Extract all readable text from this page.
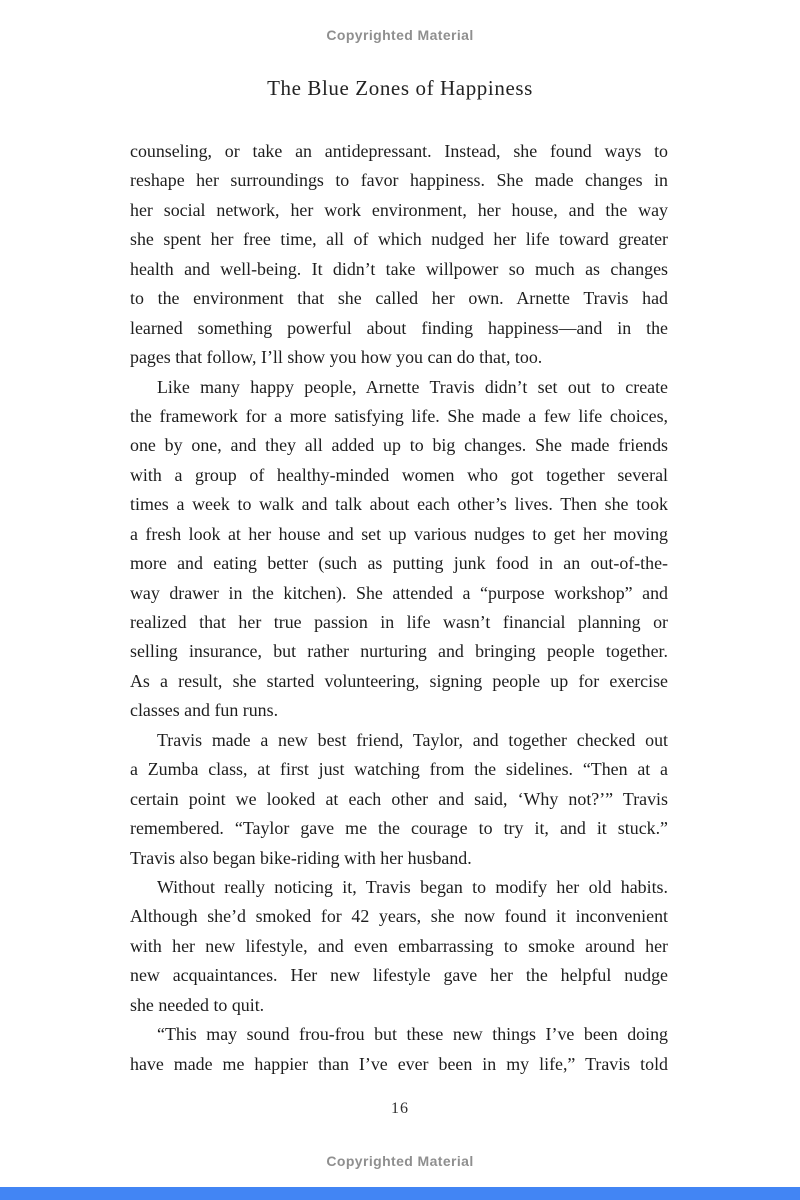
Copyrighted Material
The Blue Zones of Happiness
counseling, or take an antidepressant. Instead, she found ways to
reshape her surroundings to favor happiness. She made changes in
her social network, her work environment, her house, and the way
she spent her free time, all of which nudged her life toward greater
health and well-being. It didn’t take willpower so much as changes
to the environment that she called her own. Arnette Travis had
learned something powerful about finding happiness—and in the
pages that follow, I’ll show you how you can do that, too.
Like many happy people, Arnette Travis didn’t set out to create
the framework for a more satisfying life. She made a few life choices,
one by one, and they all added up to big changes. She made friends
with a group of healthy-minded women who got together several
times a week to walk and talk about each other’s lives. Then she took
a fresh look at her house and set up various nudges to get her moving
more and eating better (such as putting junk food in an out-of-the-
way drawer in the kitchen). She attended a “purpose workshop” and
realized that her true passion in life wasn’t financial planning or
selling insurance, but rather nurturing and bringing people together.
As a result, she started volunteering, signing people up for exercise
classes and fun runs.
Travis made a new best friend, Taylor, and together checked out
a Zumba class, at first just watching from the sidelines. “Then at a
certain point we looked at each other and said, ‘Why not?’” Travis
remembered. “Taylor gave me the courage to try it, and it stuck.”
Travis also began bike-riding with her husband.
Without really noticing it, Travis began to modify her old habits.
Although she’d smoked for 42 years, she now found it inconvenient
with her new lifestyle, and even embarrassing to smoke around her
new acquaintances. Her new lifestyle gave her the helpful nudge
she needed to quit.
“This may sound frou-frou but these new things I’ve been doing
have made me happier than I’ve ever been in my life,” Travis told
16
Copyrighted Material
